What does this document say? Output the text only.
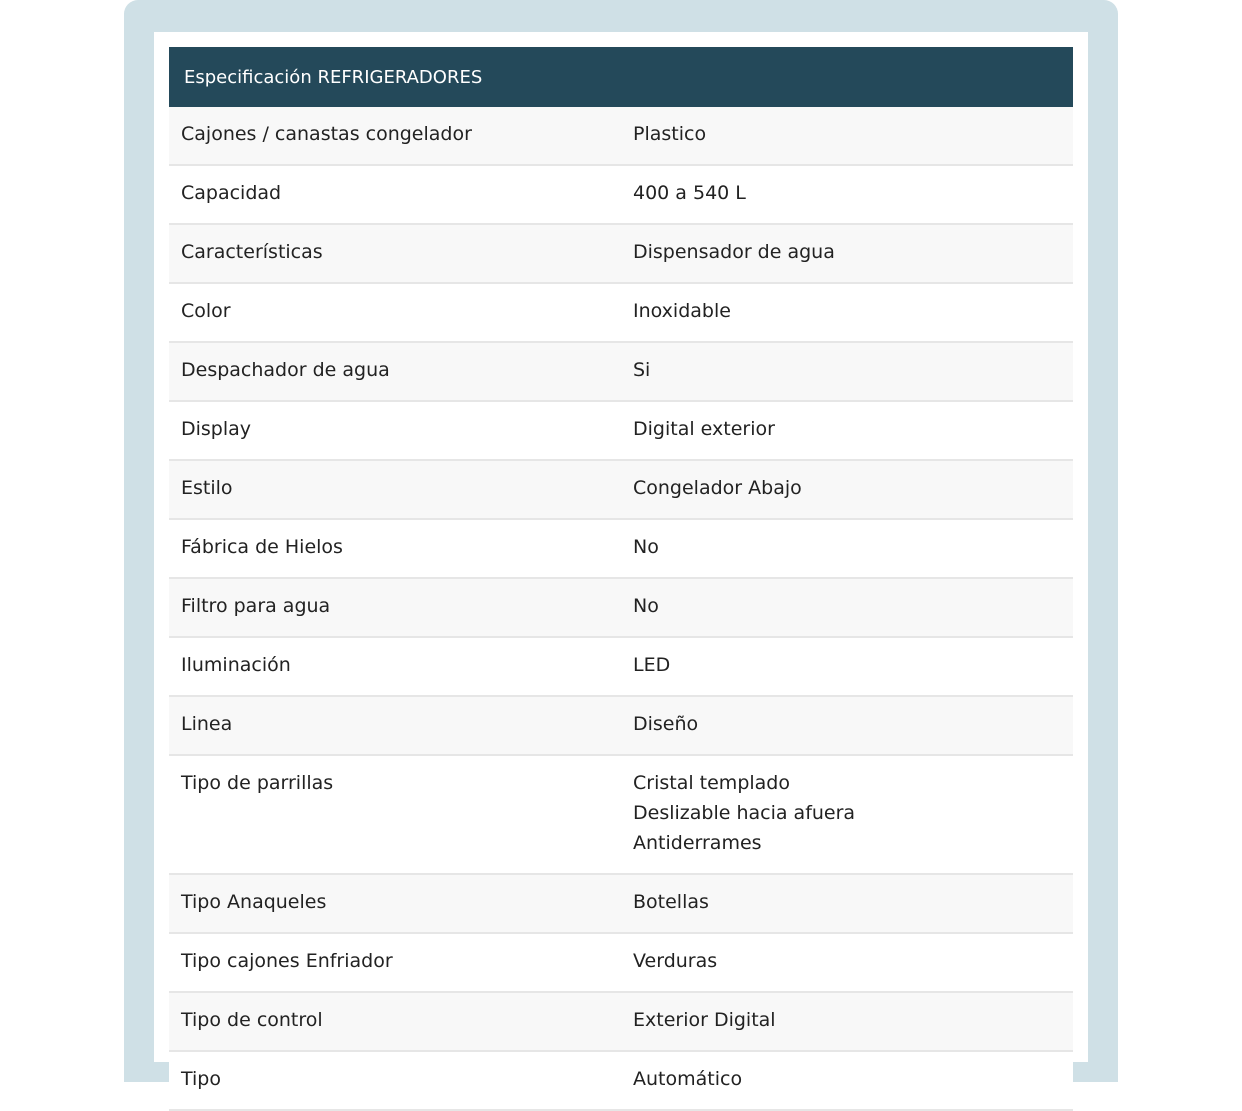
Especificación REFRIGERADORES
Cajones / canastas congelador	Plastico
Capacidad	400 a 540 L
Características	Dispensador de agua
Color	Inoxidable
Despachador de agua	Si
Display	Digital exterior
Estilo	Congelador Abajo
Fábrica de Hielos	No
Filtro para agua	No
Iluminación	LED
Linea	Diseño
Tipo de parrillas	Cristal templado
Deslizable hacia afuera
Antiderrames
Tipo Anaqueles	Botellas
Tipo cajones Enfriador	Verduras
Tipo de control	Exterior Digital
Tipo	Automático
